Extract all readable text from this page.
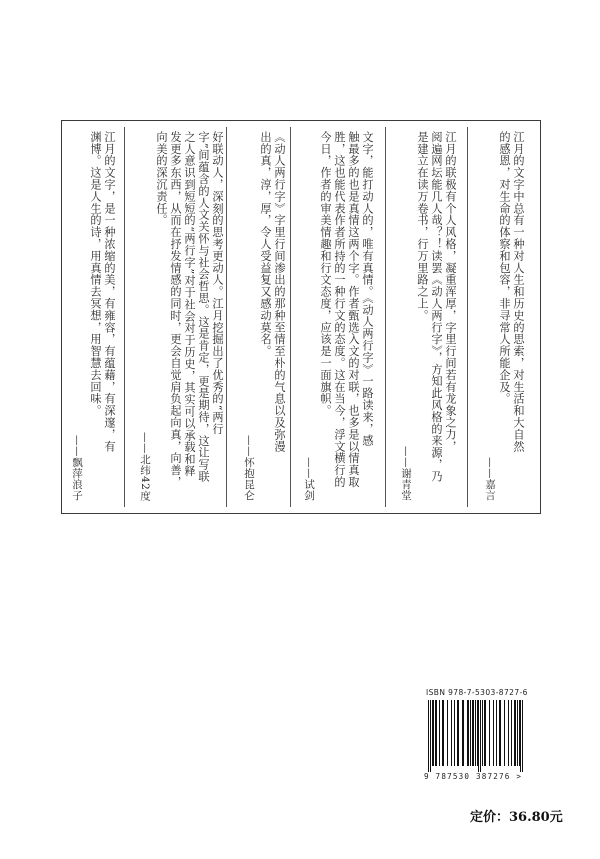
江月的文字中总有一种对人生和历史的思索，对生活和大自然
的感恩，对生命的体察和包容，非寻常人所能企及。
——嘉言
江月的联极有个人风格，凝重浑厚，字里行间若有龙象之力，
阅遍网坛能几人哉？！读罢《动人两行字》，方知此风格的来源，乃
是建立在读万卷书，行万里路之上。
——谢青堂
文字，能打动人的，唯有真情。《动人两行字》一路读来，感
触最多的也是真情这两个字。作者甄选入文的对联，也多是以情真取
胜，这也能代表作者所持的一种行文的态度。这在当今，浮文横行的
今日，作者的审美情趣和行文态度，应该是一面旗帜。
——试剑
《动人两行字》字里行间渗出的那种至情至朴的气息以及弥漫
出的真，淳，厚，令人受益复又感动莫名。
——怀抱昆仑
好联动人，深刻的思考更动人。江月挖掘出了优秀的“两行
字”间蕴含的人文关怀与社会哲思。这是肯定，更是期待，这让写联
之人意识到短短的“两行字”对于社会对于历史，其实可以承载和释
发更多东西，从而在抒发情感的同时，更会自觉肩负起向真，向善，
向美的深沉责任。
——北纬42度
江月的文字，是一种浓缩的美，有雍容，有蕴藉，有深邃，有
渊博。这是人生的诗，用真情去冥想，用智慧去回味。
——飘萍浪子
ISBN 978-7-5303-8727-6
9 787530 387276 >
定价：36.80元
